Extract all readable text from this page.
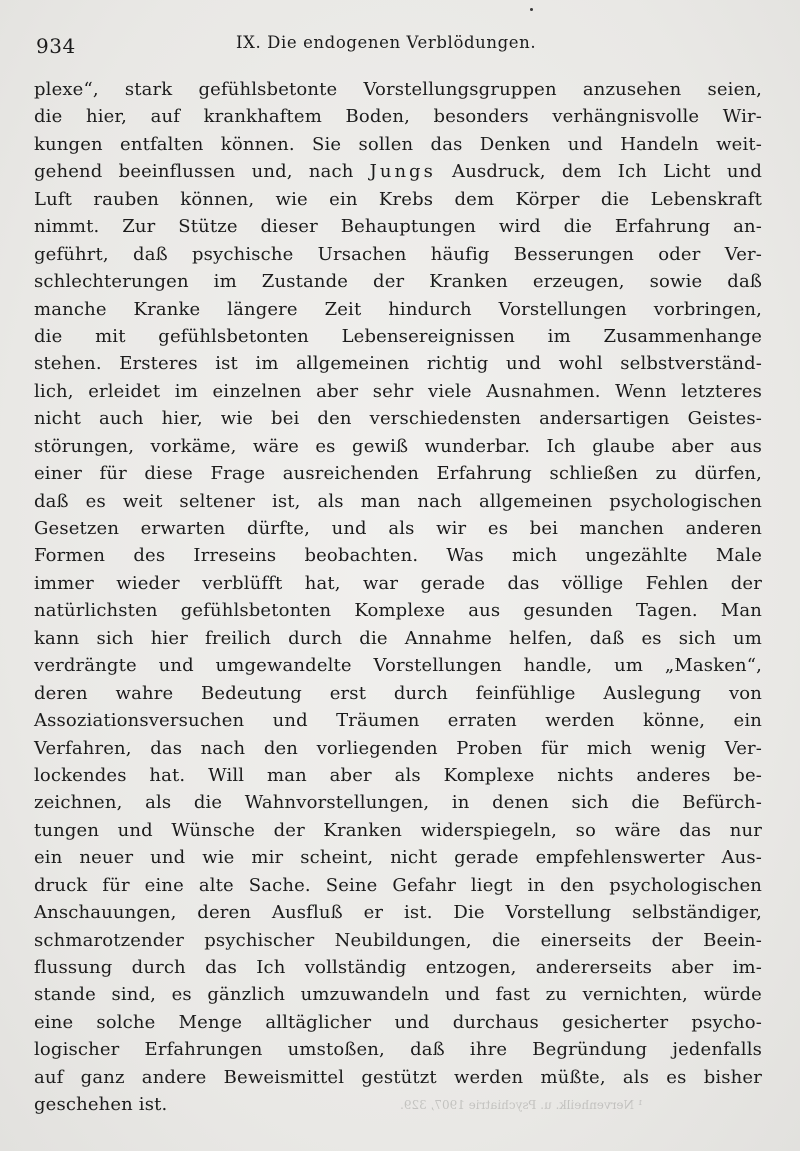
934	IX. Die endogenen Verblödungen.
plexe“, stark gefühlsbetonte Vorstellungsgruppen anzusehen seien,
die hier, auf krankhaftem Boden, besonders verhängnisvolle Wir-
kungen entfalten können. Sie sollen das Denken und Handeln weit-
gehend beeinflussen und, nach Jungs Ausdruck, dem Ich Licht und
Luft rauben können, wie ein Krebs dem Körper die Lebenskraft
nimmt. Zur Stütze dieser Behauptungen wird die Erfahrung an-
geführt, daß psychische Ursachen häufig Besserungen oder Ver-
schlechterungen im Zustande der Kranken erzeugen, sowie daß
manche Kranke längere Zeit hindurch Vorstellungen vorbringen,
die mit gefühlsbetonten Lebensereignissen im Zusammenhange
stehen. Ersteres ist im allgemeinen richtig und wohl selbstverständ-
lich, erleidet im einzelnen aber sehr viele Ausnahmen. Wenn letzteres
nicht auch hier, wie bei den verschiedensten andersartigen Geistes-
störungen, vorkäme, wäre es gewiß wunderbar. Ich glaube aber aus
einer für diese Frage ausreichenden Erfahrung schließen zu dürfen,
daß es weit seltener ist, als man nach allgemeinen psychologischen
Gesetzen erwarten dürfte, und als wir es bei manchen anderen
Formen des Irreseins beobachten. Was mich ungezählte Male
immer wieder verblüfft hat, war gerade das völlige Fehlen der
natürlichsten gefühlsbetonten Komplexe aus gesunden Tagen. Man
kann sich hier freilich durch die Annahme helfen, daß es sich um
verdrängte und umgewandelte Vorstellungen handle, um „Masken“,
deren wahre Bedeutung erst durch feinfühlige Auslegung von
Assoziationsversuchen und Träumen erraten werden könne, ein
Verfahren, das nach den vorliegenden Proben für mich wenig Ver-
lockendes hat. Will man aber als Komplexe nichts anderes be-
zeichnen, als die Wahnvorstellungen, in denen sich die Befürch-
tungen und Wünsche der Kranken widerspiegeln, so wäre das nur
ein neuer und wie mir scheint, nicht gerade empfehlenswerter Aus-
druck für eine alte Sache. Seine Gefahr liegt in den psychologischen
Anschauungen, deren Ausfluß er ist. Die Vorstellung selbständiger,
schmarotzender psychischer Neubildungen, die einerseits der Beein-
flussung durch das Ich vollständig entzogen, andererseits aber im-
stande sind, es gänzlich umzuwandeln und fast zu vernichten, würde
eine solche Menge alltäglicher und durchaus gesicherter psycho-
logischer Erfahrungen umstoßen, daß ihre Begründung jedenfalls
auf ganz andere Beweismittel gestützt werden müßte, als es bisher
geschehen ist.	¹ Nervenheilk. u. Psychiatrie 1907, 329.
